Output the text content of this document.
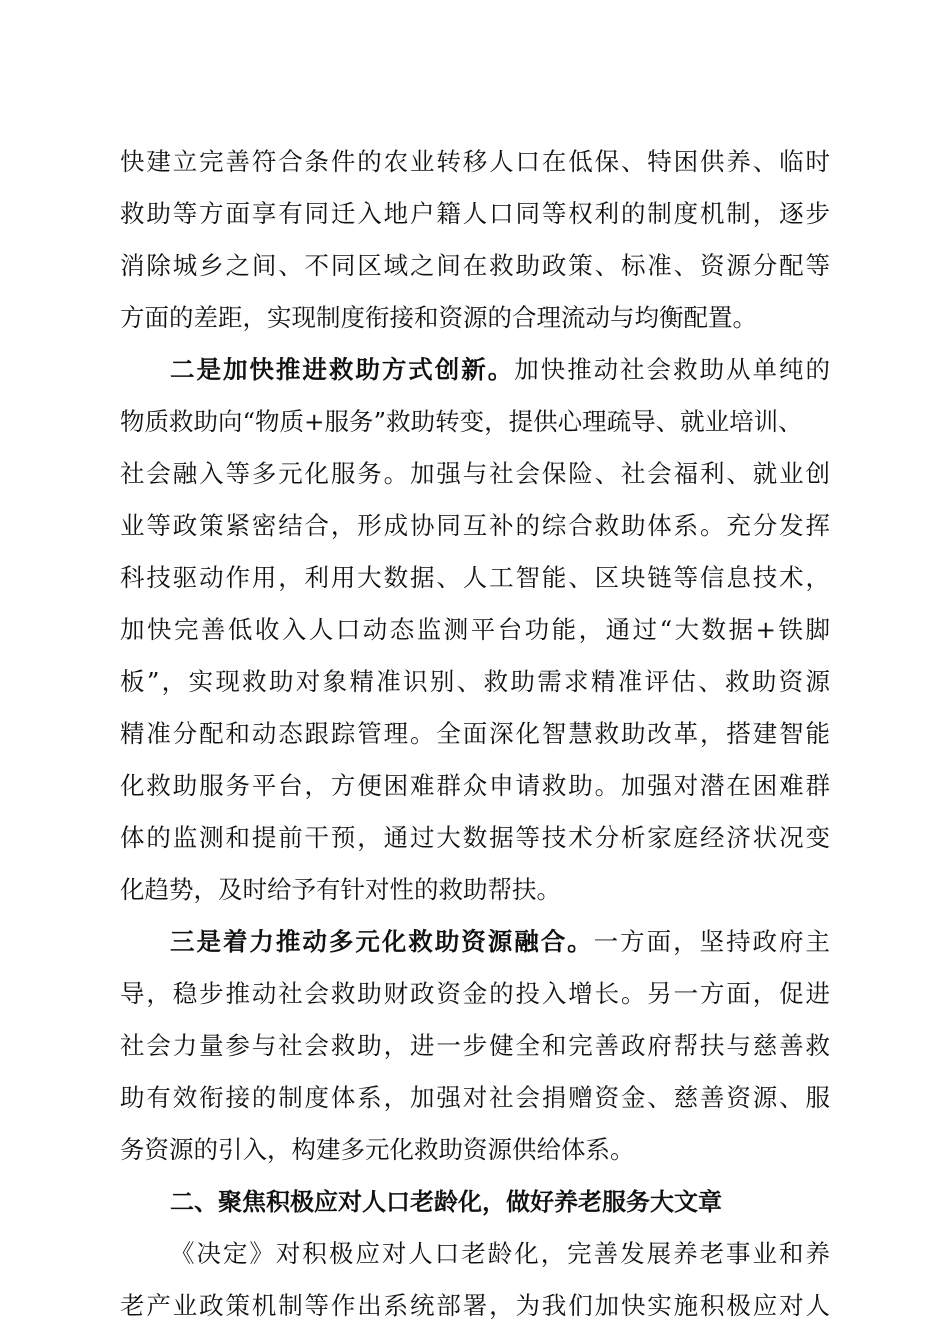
快建立完善符合条件的农业转移人口在低保、特困供养、临时
救助等方面享有同迁入地户籍人口同等权利的制度机制，逐步
消除城乡之间、不同区域之间在救助政策、标准、资源分配等
方面的差距，实现制度衔接和资源的合理流动与均衡配置。
二是加快推进救助方式创新。加快推动社会救助从单纯的
物质救助向“物质+服务”救助转变，提供心理疏导、就业培训、
社会融入等多元化服务。加强与社会保险、社会福利、就业创
业等政策紧密结合，形成协同互补的综合救助体系。充分发挥
科技驱动作用，利用大数据、人工智能、区块链等信息技术，
加快完善低收入人口动态监测平台功能，通过“大数据+铁脚
板”，实现救助对象精准识别、救助需求精准评估、救助资源
精准分配和动态跟踪管理。全面深化智慧救助改革，搭建智能
化救助服务平台，方便困难群众申请救助。加强对潜在困难群
体的监测和提前干预，通过大数据等技术分析家庭经济状况变
化趋势，及时给予有针对性的救助帮扶。
三是着力推动多元化救助资源融合。一方面，坚持政府主
导，稳步推动社会救助财政资金的投入增长。另一方面，促进
社会力量参与社会救助，进一步健全和完善政府帮扶与慈善救
助有效衔接的制度体系，加强对社会捐赠资金、慈善资源、服
务资源的引入，构建多元化救助资源供给体系。
二、聚焦积极应对人口老龄化，做好养老服务大文章
《决定》对积极应对人口老龄化，完善发展养老事业和养
老产业政策机制等作出系统部署，为我们加快实施积极应对人
